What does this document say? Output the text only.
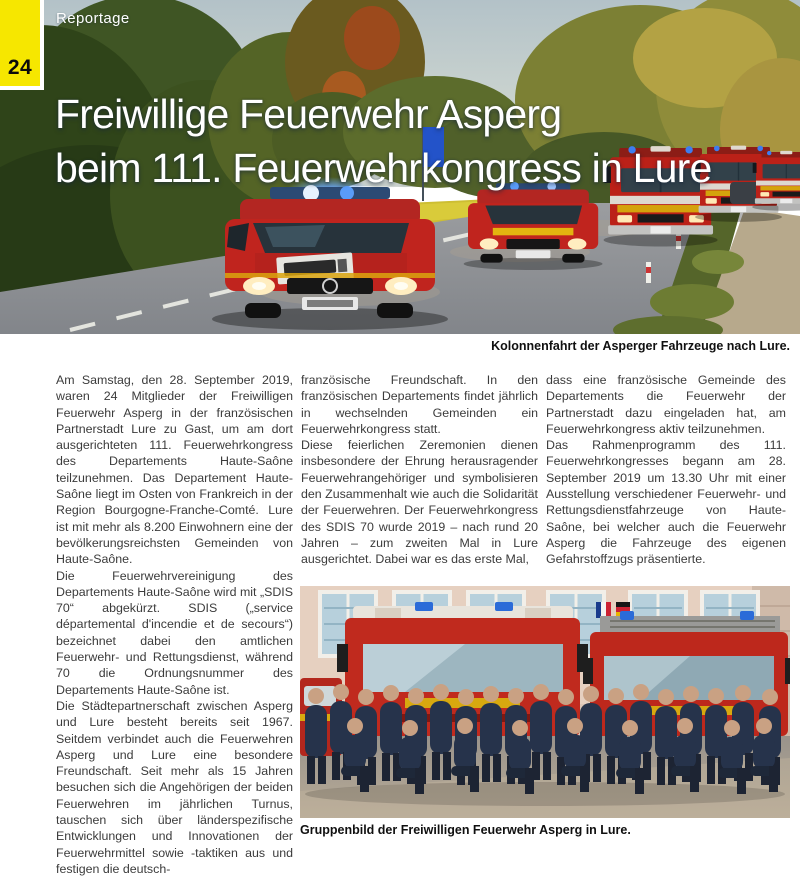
24
Reportage
Freiwillige Feuerwehr Asperg
beim 111. Feuerwehrkongress in Lure
Kolonnenfahrt der Asperger Fahrzeuge nach Lure.

Am Samstag, den 28. September 2019, waren 24 Mitglieder der Freiwilligen Feuerwehr Asperg in der französischen Partnerstadt Lure zu Gast, um am dort ausgerichteten 111. Feuerwehrkongress des Departements Haute-Saône teilzunehmen. Das Departement Haute-Saône liegt im Osten von Frankreich in der Region Bourgogne-Franche-Comté. Lure ist mit mehr als 8.200 Einwohnern eine der bevölkerungsreichsten Gemeinden von Haute-Saône.

Die Feuerwehrvereinigung des Departements Haute-Saône wird mit „SDIS 70“ abgekürzt. SDIS („service départemental d'incendie et de secours“) bezeichnet dabei den amtlichen Feuerwehr- und Rettungsdienst, während 70 die Ordnungsnummer des Departements Haute-Saône ist.

Die Städtepartnerschaft zwischen Asperg und Lure besteht bereits seit 1967. Seitdem verbindet auch die Feuerwehren Asperg und Lure eine besondere Freundschaft. Seit mehr als 15 Jahren besuchen sich die Angehörigen der beiden Feuerwehren im jährlichen Turnus, tauschen sich über länderspezifische Entwicklungen und Innovationen der Feuerwehrmittel sowie -taktiken aus und festigen die deutsch-

französische Freundschaft. In den französischen Departements findet jährlich in wechselnden Gemeinden ein Feuerwehrkongress statt.

Diese feierlichen Zeremonien dienen insbesondere der Ehrung herausragender Feuerwehrangehöriger und symbolisieren den Zusammenhalt wie auch die Solidarität der Feuerwehren. Der Feuerwehrkongress des SDIS 70 wurde 2019 – nach rund 20 Jahren – zum zweiten Mal in Lure ausgerichtet. Dabei war es das erste Mal,

dass eine französische Gemeinde des Departements die Feuerwehr der Partnerstadt dazu eingeladen hat, am Feuerwehrkongress aktiv teilzunehmen.

Das Rahmenprogramm des 111. Feuerwehrkongresses begann am 28. September 2019 um 13.30 Uhr mit einer Ausstellung verschiedener Feuerwehr- und Rettungsdienstfahrzeuge von Haute-Saône, bei welcher auch die Feuerwehr Asperg die Fahrzeuge des eigenen Gefahrstoffzugs präsentierte.

Gruppenbild der Freiwilligen Feuerwehr Asperg in Lure.
